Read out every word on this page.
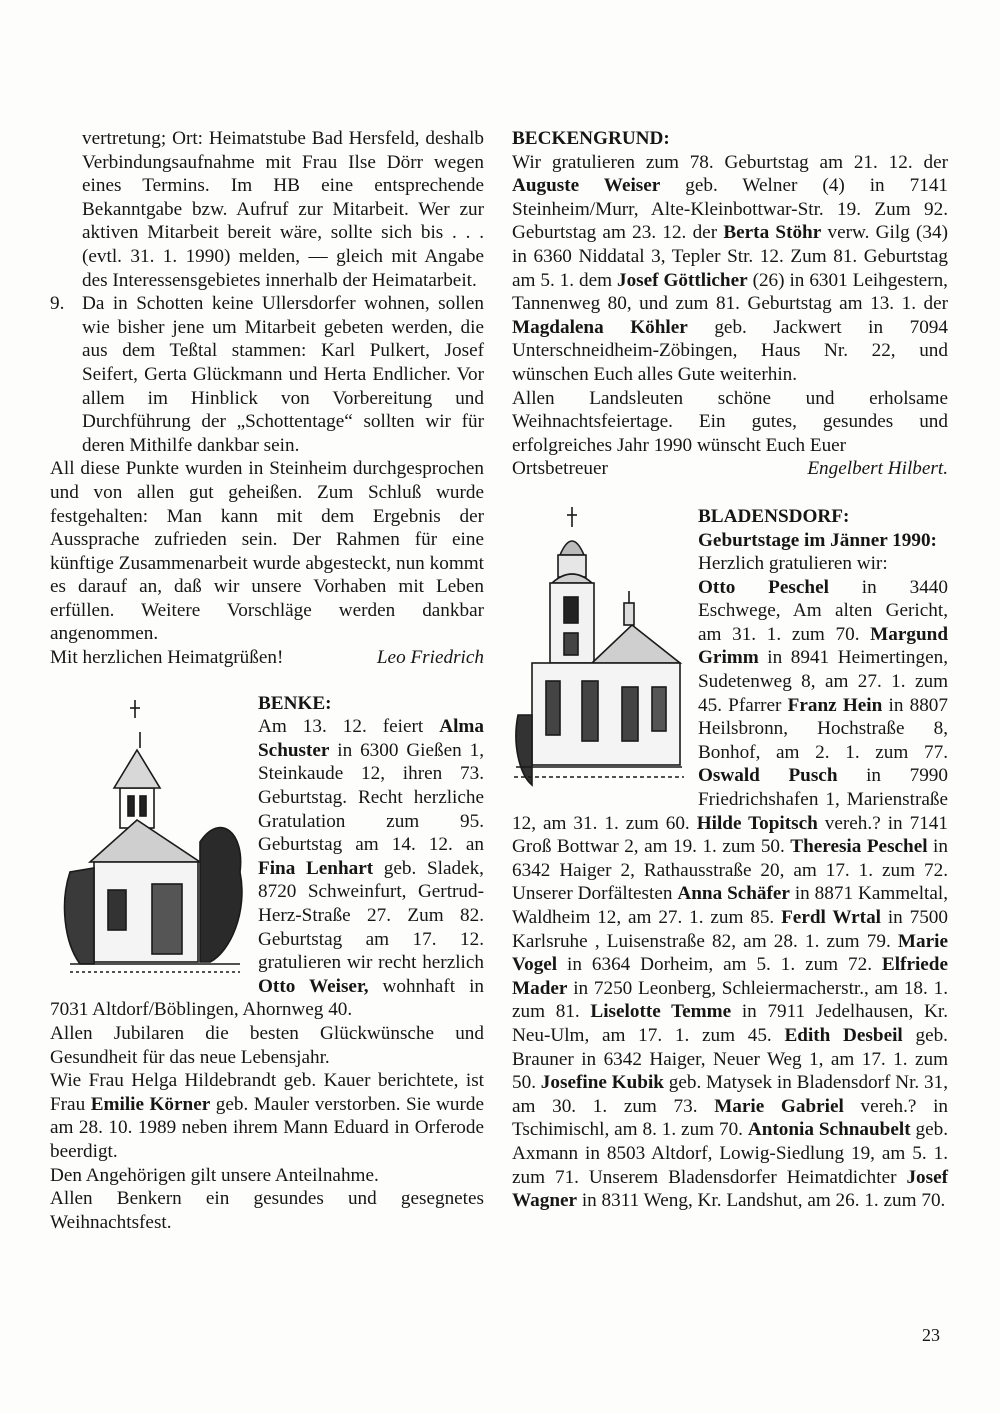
vertretung; Ort: Heimatstube Bad Hersfeld, deshalb Verbindungsaufnahme mit Frau Ilse Dörr wegen eines Termins. Im HB eine entsprechende Bekanntgabe bzw. Aufruf zur Mitarbeit. Wer zur aktiven Mitarbeit bereit wäre, sollte sich bis . . . (evtl. 31. 1. 1990) melden, — gleich mit Angabe des Interessensgebietes innerhalb der Heimatarbeit.

9. Da in Schotten keine Ullersdorfer wohnen, sollen wie bisher jene um Mitarbeit gebeten werden, die aus dem Teßtal stammen: Karl Pulkert, Josef Seifert, Gerta Glückmann und Herta Endlicher. Vor allem im Hinblick von Vorbereitung und Durchführung der „Schottentage“ sollten wir für deren Mithilfe dankbar sein.

All diese Punkte wurden in Steinheim durchgesprochen und von allen gut geheißen. Zum Schluß wurde festgehalten: Man kann mit dem Ergebnis der Aussprache zufrieden sein. Der Rahmen für eine künftige Zusammenarbeit wurde abgesteckt, nun kommt es darauf an, daß wir unsere Vorhaben mit Leben erfüllen. Weitere Vorschläge werden dankbar angenommen.

Mit herzlichen Heimatgrüßen!	Leo Friedrich

BENKE:

Am 13. 12. feiert Alma Schuster in 6300 Gießen 1, Steinkaude 12, ihren 73. Geburtstag. Recht herzliche Gratulation zum 95. Geburtstag am 14. 12. an Fina Lenhart geb. Sladek, 8720 Schweinfurt, Gertrud-Herz-Straße 27. Zum 82. Geburtstag am 17. 12. gratulieren wir recht herzlich Otto Weiser, wohnhaft in 7031 Altdorf/Böblingen, Ahornweg 40.

Allen Jubilaren die besten Glückwünsche und Gesundheit für das neue Lebensjahr.

Wie Frau Helga Hildebrandt geb. Kauer berichtete, ist Frau Emilie Körner geb. Mauler verstorben. Sie wurde am 28. 10. 1989 neben ihrem Mann Eduard in Orferode beerdigt.

Den Angehörigen gilt unsere Anteilnahme.

Allen Benkern ein gesundes und gesegnetes Weihnachtsfest.

BECKENGRUND:

Wir gratulieren zum 78. Geburtstag am 21. 12. der Auguste Weiser geb. Welner (4) in 7141 Steinheim/Murr, Alte-Kleinbottwar-Str. 19. Zum 92. Geburtstag am 23. 12. der Berta Stöhr verw. Gilg (34) in 6360 Niddatal 3, Tepler Str. 12. Zum 81. Geburtstag am 5. 1. dem Josef Göttlicher (26) in 6301 Leihgestern, Tannenweg 80, und zum 81. Geburtstag am 13. 1. der Magdalena Köhler geb. Jackwert in 7094 Unterschneidheim-Zöbingen, Haus Nr. 22, und wünschen Euch alles Gute weiterhin.

Allen Landsleuten schöne und erholsame Weihnachtsfeiertage. Ein gutes, gesundes und erfolgreiches Jahr 1990 wünscht Euch Euer

Ortsbetreuer	Engelbert Hilbert.

BLADENSDORF:

Geburtstage im Jänner 1990:

Herzlich gratulieren wir:

Otto Peschel in 3440 Eschwege, Am alten Gericht, am 31. 1. zum 70. Margund Grimm in 8941 Heimertingen, Sudetenweg 8, am 27. 1. zum 45. Pfarrer Franz Hein in 8807 Heilsbronn, Hochstraße 8, Bonhof, am 2. 1. zum 77. Oswald Pusch in 7990 Friedrichshafen 1, Marienstraße 12, am 31. 1. zum 60. Hilde Topitsch vereh.? in 7141 Groß Bottwar 2, am 19. 1. zum 50. Theresia Peschel in 6342 Haiger 2, Rathausstraße 20, am 17. 1. zum 72. Unserer Dorfältesten Anna Schäfer in 8871 Kammeltal, Waldheim 12, am 27. 1. zum 85. Ferdl Wrtal in 7500 Karlsruhe , Luisenstraße 82, am 28. 1. zum 79. Marie Vogel in 6364 Dorheim, am 5. 1. zum 72. Elfriede Mader in 7250 Leonberg, Schleiermacherstr., am 18. 1. zum 81. Liselotte Temme in 7911 Jedelhausen, Kr. Neu-Ulm, am 17. 1. zum 45. Edith Desbeil geb. Brauner in 6342 Haiger, Neuer Weg 1, am 17. 1. zum 50. Josefine Kubik geb. Matysek in Bladensdorf Nr. 31, am 30. 1. zum 73. Marie Gabriel vereh.? in Tschimischl, am 8. 1. zum 70. Antonia Schnaubelt geb. Axmann in 8503 Altdorf, Lowig-Siedlung 19, am 5. 1. zum 71. Unserem Bladensdorfer Heimatdichter Josef Wagner in 8311 Weng, Kr. Landshut, am 26. 1. zum 70.

23
